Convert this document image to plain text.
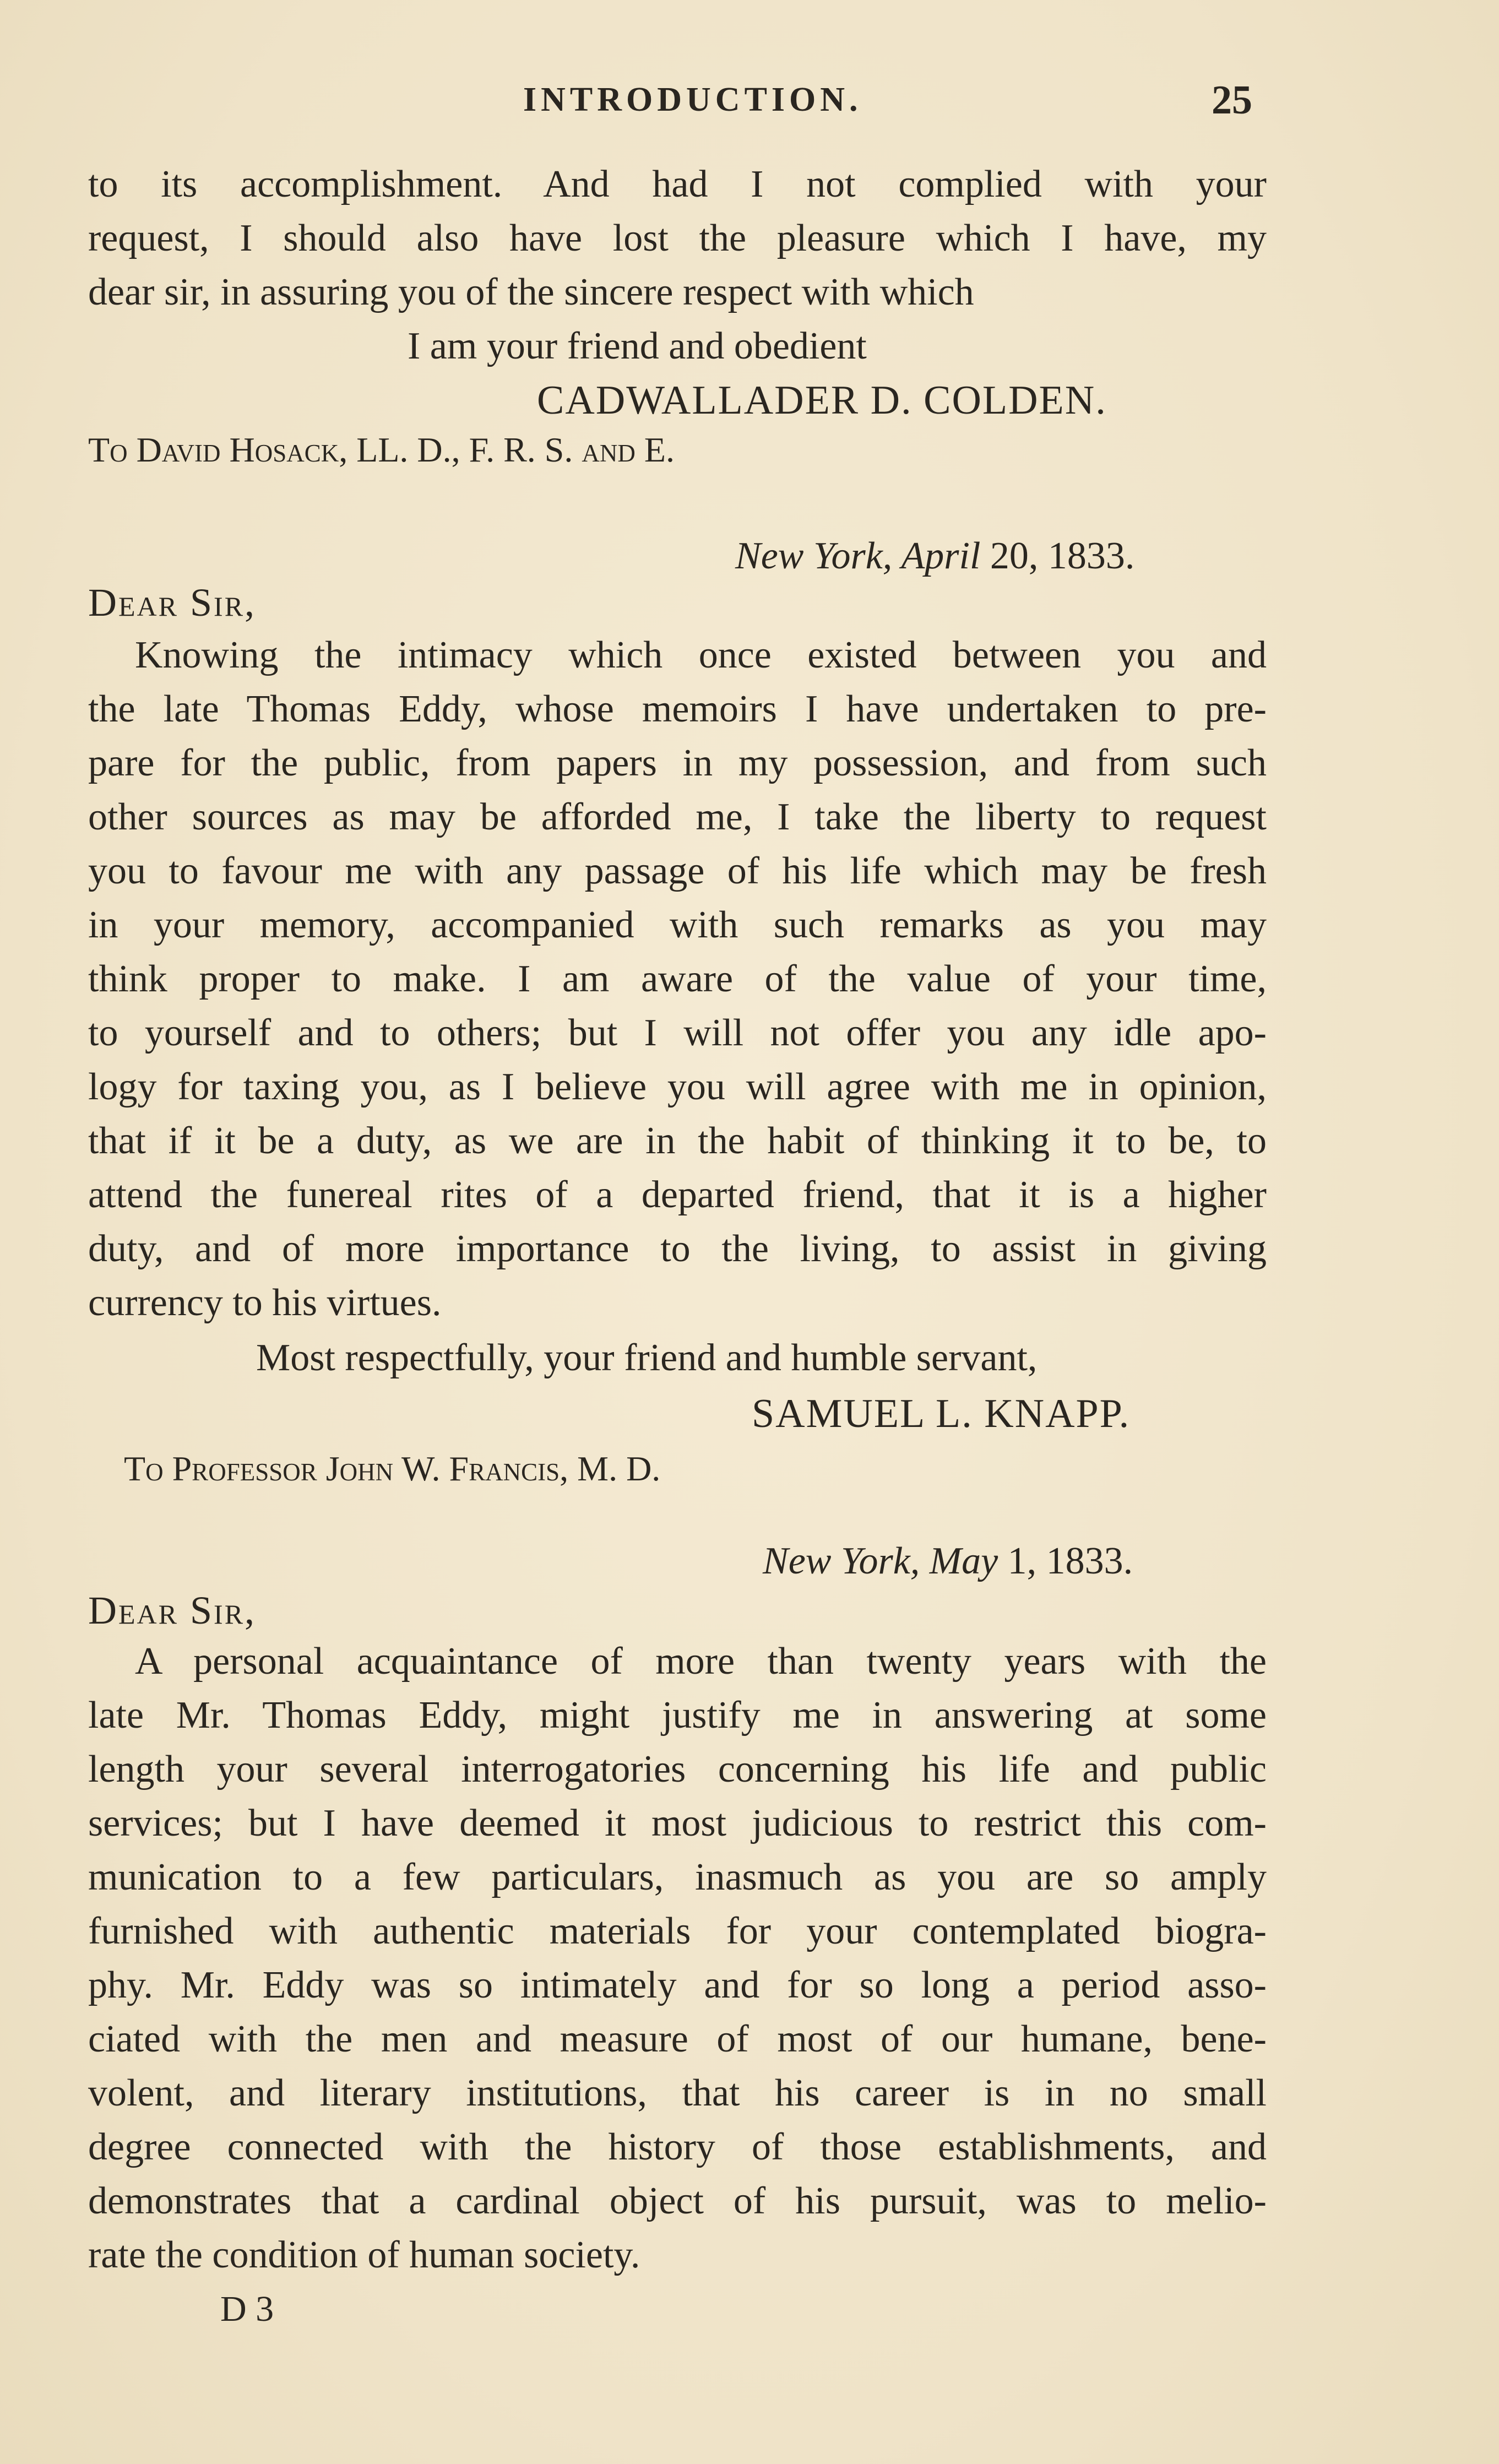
INTRODUCTION.	25
to its accomplishment. And had I not complied with your
request, I should also have lost the pleasure which I have, my
dear sir, in assuring you of the sincere respect with which
I am your friend and obedient
CADWALLADER D. COLDEN.
To David Hosack, LL. D., F. R. S. and E.
New York, April 20, 1833.
Dear Sir,
Knowing the intimacy which once existed between you and
the late Thomas Eddy, whose memoirs I have undertaken to pre-
pare for the public, from papers in my possession, and from such
other sources as may be afforded me, I take the liberty to request
you to favour me with any passage of his life which may be fresh
in your memory, accompanied with such remarks as you may
think proper to make. I am aware of the value of your time,
to yourself and to others; but I will not offer you any idle apo-
logy for taxing you, as I believe you will agree with me in opinion,
that if it be a duty, as we are in the habit of thinking it to be, to
attend the funereal rites of a departed friend, that it is a higher
duty, and of more importance to the living, to assist in giving
currency to his virtues.
Most respectfully, your friend and humble servant,
SAMUEL L. KNAPP.
To Professor John W. Francis, M. D.
New York, May 1, 1833.
Dear Sir,
A personal acquaintance of more than twenty years with the
late Mr. Thomas Eddy, might justify me in answering at some
length your several interrogatories concerning his life and public
services; but I have deemed it most judicious to restrict this com-
munication to a few particulars, inasmuch as you are so amply
furnished with authentic materials for your contemplated biogra-
phy. Mr. Eddy was so intimately and for so long a period asso-
ciated with the men and measure of most of our humane, bene-
volent, and literary institutions, that his career is in no small
degree connected with the history of those establishments, and
demonstrates that a cardinal object of his pursuit, was to melio-
rate the condition of human society.
D 3
